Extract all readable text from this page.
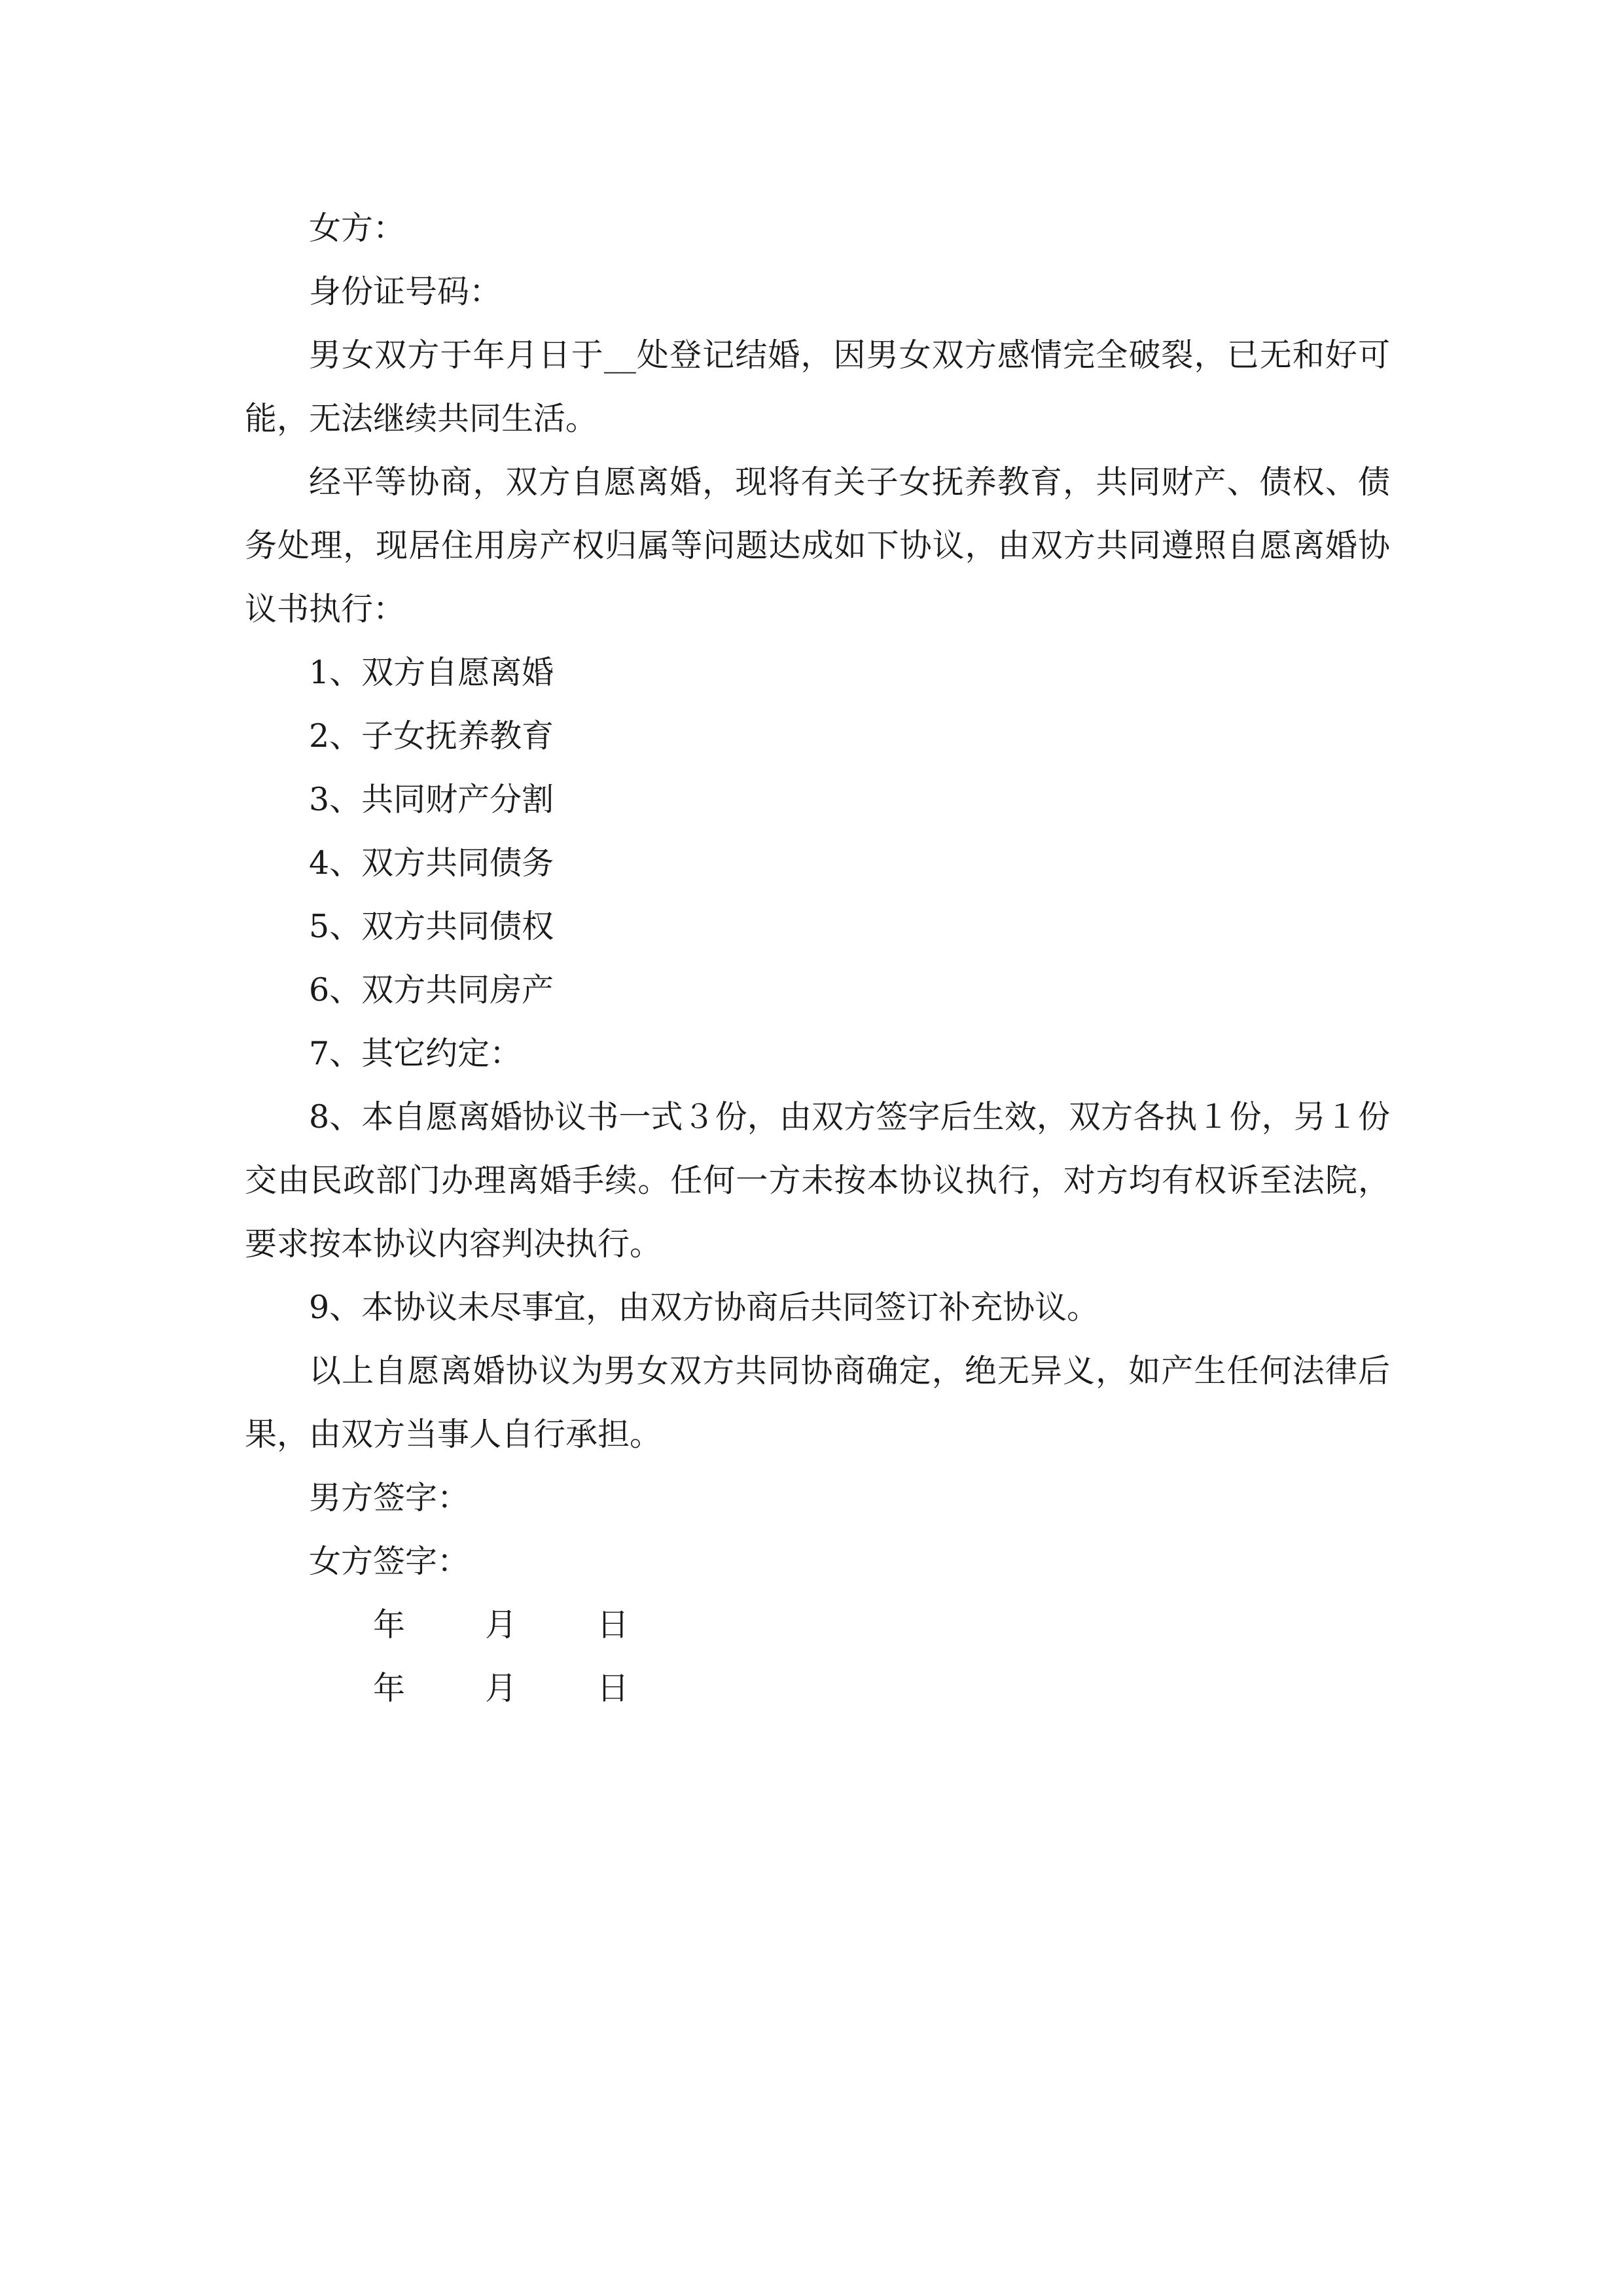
女方：

身份证号码：

男女双方于年月日于__处登记结婚，因男女双方感情完全破裂，已无和好可能，无法继续共同生活。

经平等协商，双方自愿离婚，现将有关子女抚养教育，共同财产、债权、债务处理，现居住用房产权归属等问题达成如下协议，由双方共同遵照自愿离婚协议书执行：

1、双方自愿离婚

2、子女抚养教育

3、共同财产分割

4、双方共同债务

5、双方共同债权

6、双方共同房产

7、其它约定：

8、本自愿离婚协议书一式３份，由双方签字后生效，双方各执１份，另１份交由民政部门办理离婚手续。任何一方未按本协议执行，对方均有权诉至法院，要求按本协议内容判决执行。

9、本协议未尽事宜，由双方协商后共同签订补充协议。

以上自愿离婚协议为男女双方共同协商确定，绝无异义，如产生任何法律后果，由双方当事人自行承担。

男方签字：

女方签字：

年 月 日

年 月 日
